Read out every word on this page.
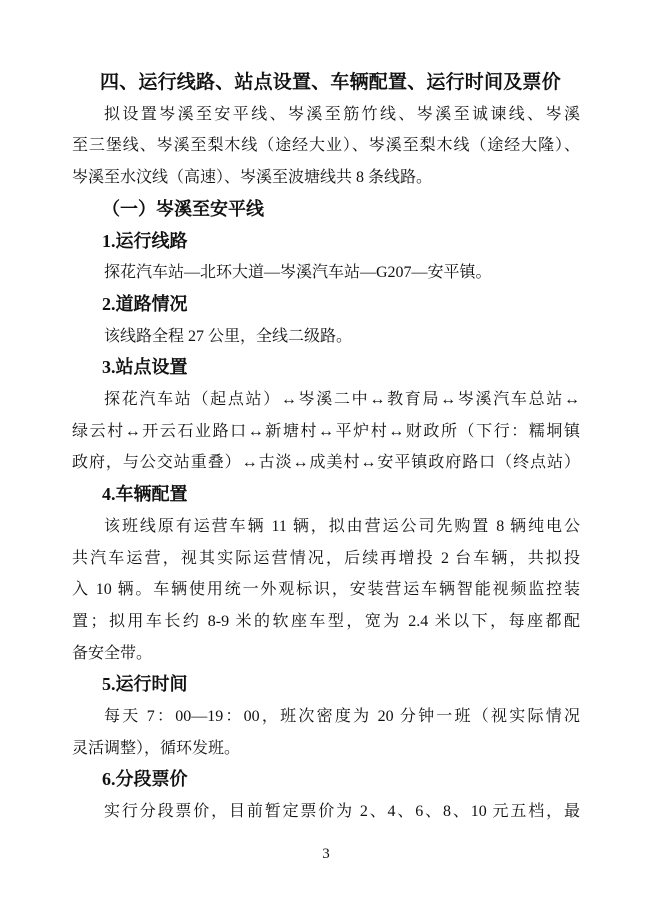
四、运行线路、站点设置、车辆配置、运行时间及票价
拟设置岑溪至安平线、岑溪至筋竹线、岑溪至诚谏线、岑溪
至三堡线、岑溪至梨木线（途经大业）、岑溪至梨木线（途经大隆）、
岑溪至水汶线（高速）、岑溪至波塘线共 8 条线路。
（一）岑溪至安平线
1.运行线路
探花汽车站—北环大道—岑溪汽车站—G207—安平镇。
2.道路情况
该线路全程 27 公里，全线二级路。
3.站点设置
探花汽车站（起点站）↔岑溪二中↔教育局↔岑溪汽车总站↔
绿云村↔开云石业路口↔新塘村↔平炉村↔财政所（下行：糯垌镇
政府，与公交站重叠）↔古淡↔成美村↔安平镇政府路口（终点站）
4.车辆配置
该班线原有运营车辆 11 辆，拟由营运公司先购置 8 辆纯电公
共汽车运营，视其实际运营情况，后续再增投 2 台车辆，共拟投
入 10 辆。车辆使用统一外观标识，安装营运车辆智能视频监控装
置；拟用车长约 8-9 米的软座车型，宽为 2.4 米以下，每座都配
备安全带。
5.运行时间
每天 7：00—19：00，班次密度为 20 分钟一班（视实际情况
灵活调整），循环发班。
6.分段票价
实行分段票价，目前暂定票价为 2、4、6、8、10 元五档，最
3
